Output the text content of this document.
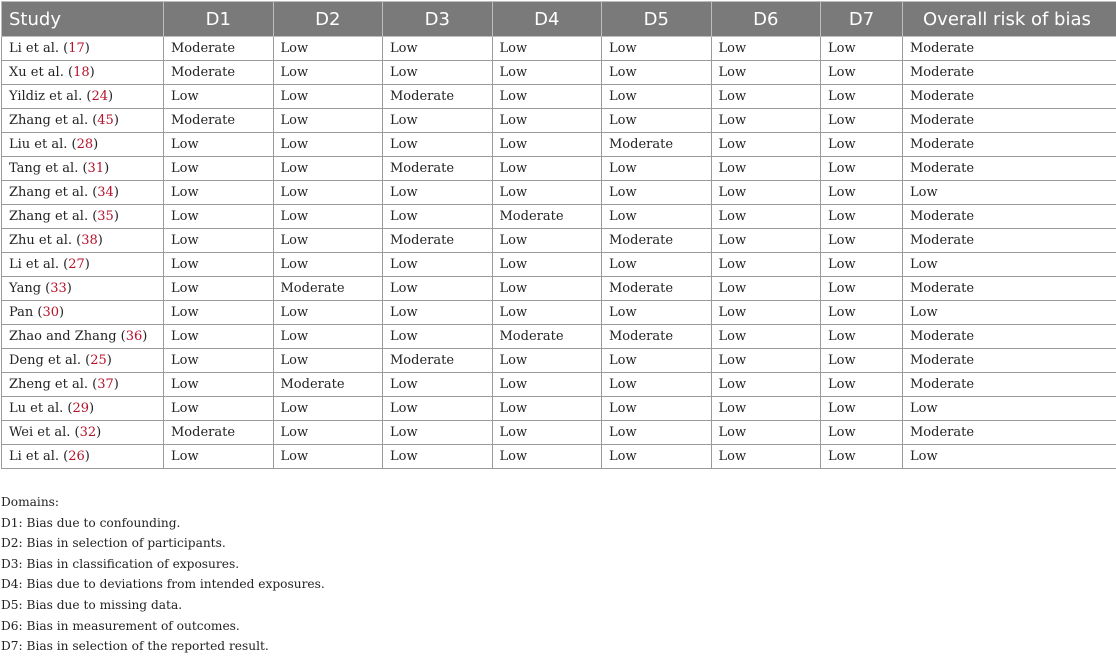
Study	D1	D2	D3	D4	D5	D6	D7	Overall risk of bias
Li et al. (17)	Moderate	Low	Low	Low	Low	Low	Low	Moderate
Xu et al. (18)	Moderate	Low	Low	Low	Low	Low	Low	Moderate
Yildiz et al. (24)	Low	Low	Moderate	Low	Low	Low	Low	Moderate
Zhang et al. (45)	Moderate	Low	Low	Low	Low	Low	Low	Moderate
Liu et al. (28)	Low	Low	Low	Low	Moderate	Low	Low	Moderate
Tang et al. (31)	Low	Low	Moderate	Low	Low	Low	Low	Moderate
Zhang et al. (34)	Low	Low	Low	Low	Low	Low	Low	Low
Zhang et al. (35)	Low	Low	Low	Moderate	Low	Low	Low	Moderate
Zhu et al. (38)	Low	Low	Moderate	Low	Moderate	Low	Low	Moderate
Li et al. (27)	Low	Low	Low	Low	Low	Low	Low	Low
Yang (33)	Low	Moderate	Low	Low	Moderate	Low	Low	Moderate
Pan (30)	Low	Low	Low	Low	Low	Low	Low	Low
Zhao and Zhang (36)	Low	Low	Low	Moderate	Moderate	Low	Low	Moderate
Deng et al. (25)	Low	Low	Moderate	Low	Low	Low	Low	Moderate
Zheng et al. (37)	Low	Moderate	Low	Low	Low	Low	Low	Moderate
Lu et al. (29)	Low	Low	Low	Low	Low	Low	Low	Low
Wei et al. (32)	Moderate	Low	Low	Low	Low	Low	Low	Moderate
Li et al. (26)	Low	Low	Low	Low	Low	Low	Low	Low
Domains:
D1: Bias due to confounding.
D2: Bias in selection of participants.
D3: Bias in classification of exposures.
D4: Bias due to deviations from intended exposures.
D5: Bias due to missing data.
D6: Bias in measurement of outcomes.
D7: Bias in selection of the reported result.
